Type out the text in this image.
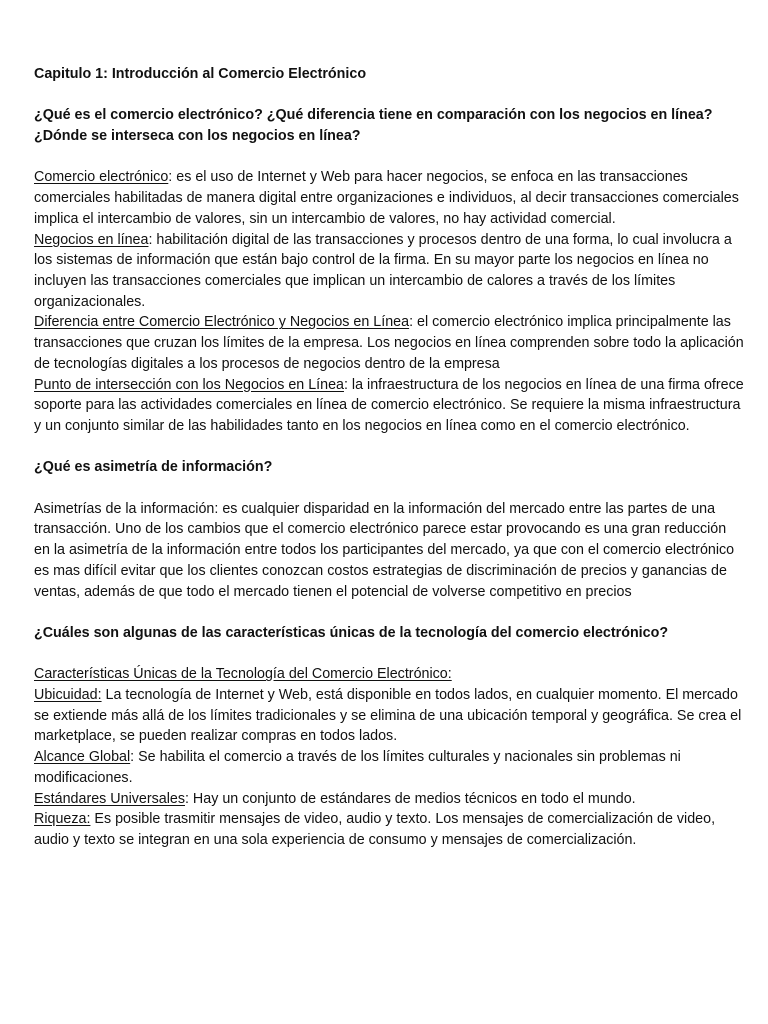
Capitulo 1: Introducción al Comercio Electrónico

¿Qué es el comercio electrónico? ¿Qué diferencia tiene en comparación con los negocios en línea? ¿Dónde se interseca con los negocios en línea?

Comercio electrónico: es el uso de Internet y Web para hacer negocios, se enfoca en las transacciones comerciales habilitadas de manera digital entre organizaciones e individuos, al decir transacciones comerciales implica el intercambio de valores, sin un intercambio de valores, no hay actividad comercial.

Negocios en línea: habilitación digital de las transacciones y procesos dentro de una forma, lo cual involucra a los sistemas de información que están bajo control de la firma. En su mayor parte los negocios en línea no incluyen las transacciones comerciales que implican un intercambio de calores a través de los límites organizacionales.

Diferencia entre Comercio Electrónico y Negocios en Línea: el comercio electrónico implica principalmente las transacciones que cruzan los límites de la empresa. Los negocios en línea comprenden sobre todo la aplicación de tecnologías digitales a los procesos de negocios dentro de la empresa

Punto de intersección con los Negocios en Línea: la infraestructura de los negocios en línea de una firma ofrece soporte para las actividades comerciales en línea de comercio electrónico. Se requiere la misma infraestructura y un conjunto similar de las habilidades tanto en los negocios en línea como en el comercio electrónico.

¿Qué es asimetría de información?

Asimetrías de la información: es cualquier disparidad en la información del mercado entre las partes de una transacción. Uno de los cambios que el comercio electrónico parece estar provocando es una gran reducción en la asimetría de la información entre todos los participantes del mercado, ya que con el comercio electrónico es mas difícil evitar que los clientes conozcan costos estrategias de discriminación de precios y ganancias de ventas, además de que todo el mercado tienen el potencial de volverse competitivo en precios

¿Cuáles son algunas de las características únicas de la tecnología del comercio electrónico?

Características Únicas de la Tecnología del Comercio Electrónico:

Ubicuidad: La tecnología de Internet y Web, está disponible en todos lados, en cualquier momento. El mercado se extiende más allá de los límites tradicionales y se elimina de una ubicación temporal y geográfica. Se crea el marketplace, se pueden realizar compras en todos lados.

Alcance Global: Se habilita el comercio a través de los límites culturales y nacionales sin problemas ni modificaciones.

Estándares Universales: Hay un conjunto de estándares de medios técnicos en todo el mundo.

Riqueza: Es posible trasmitir mensajes de video, audio y texto. Los mensajes de comercialización de video, audio y texto se integran en una sola experiencia de consumo y mensajes de comercialización.
